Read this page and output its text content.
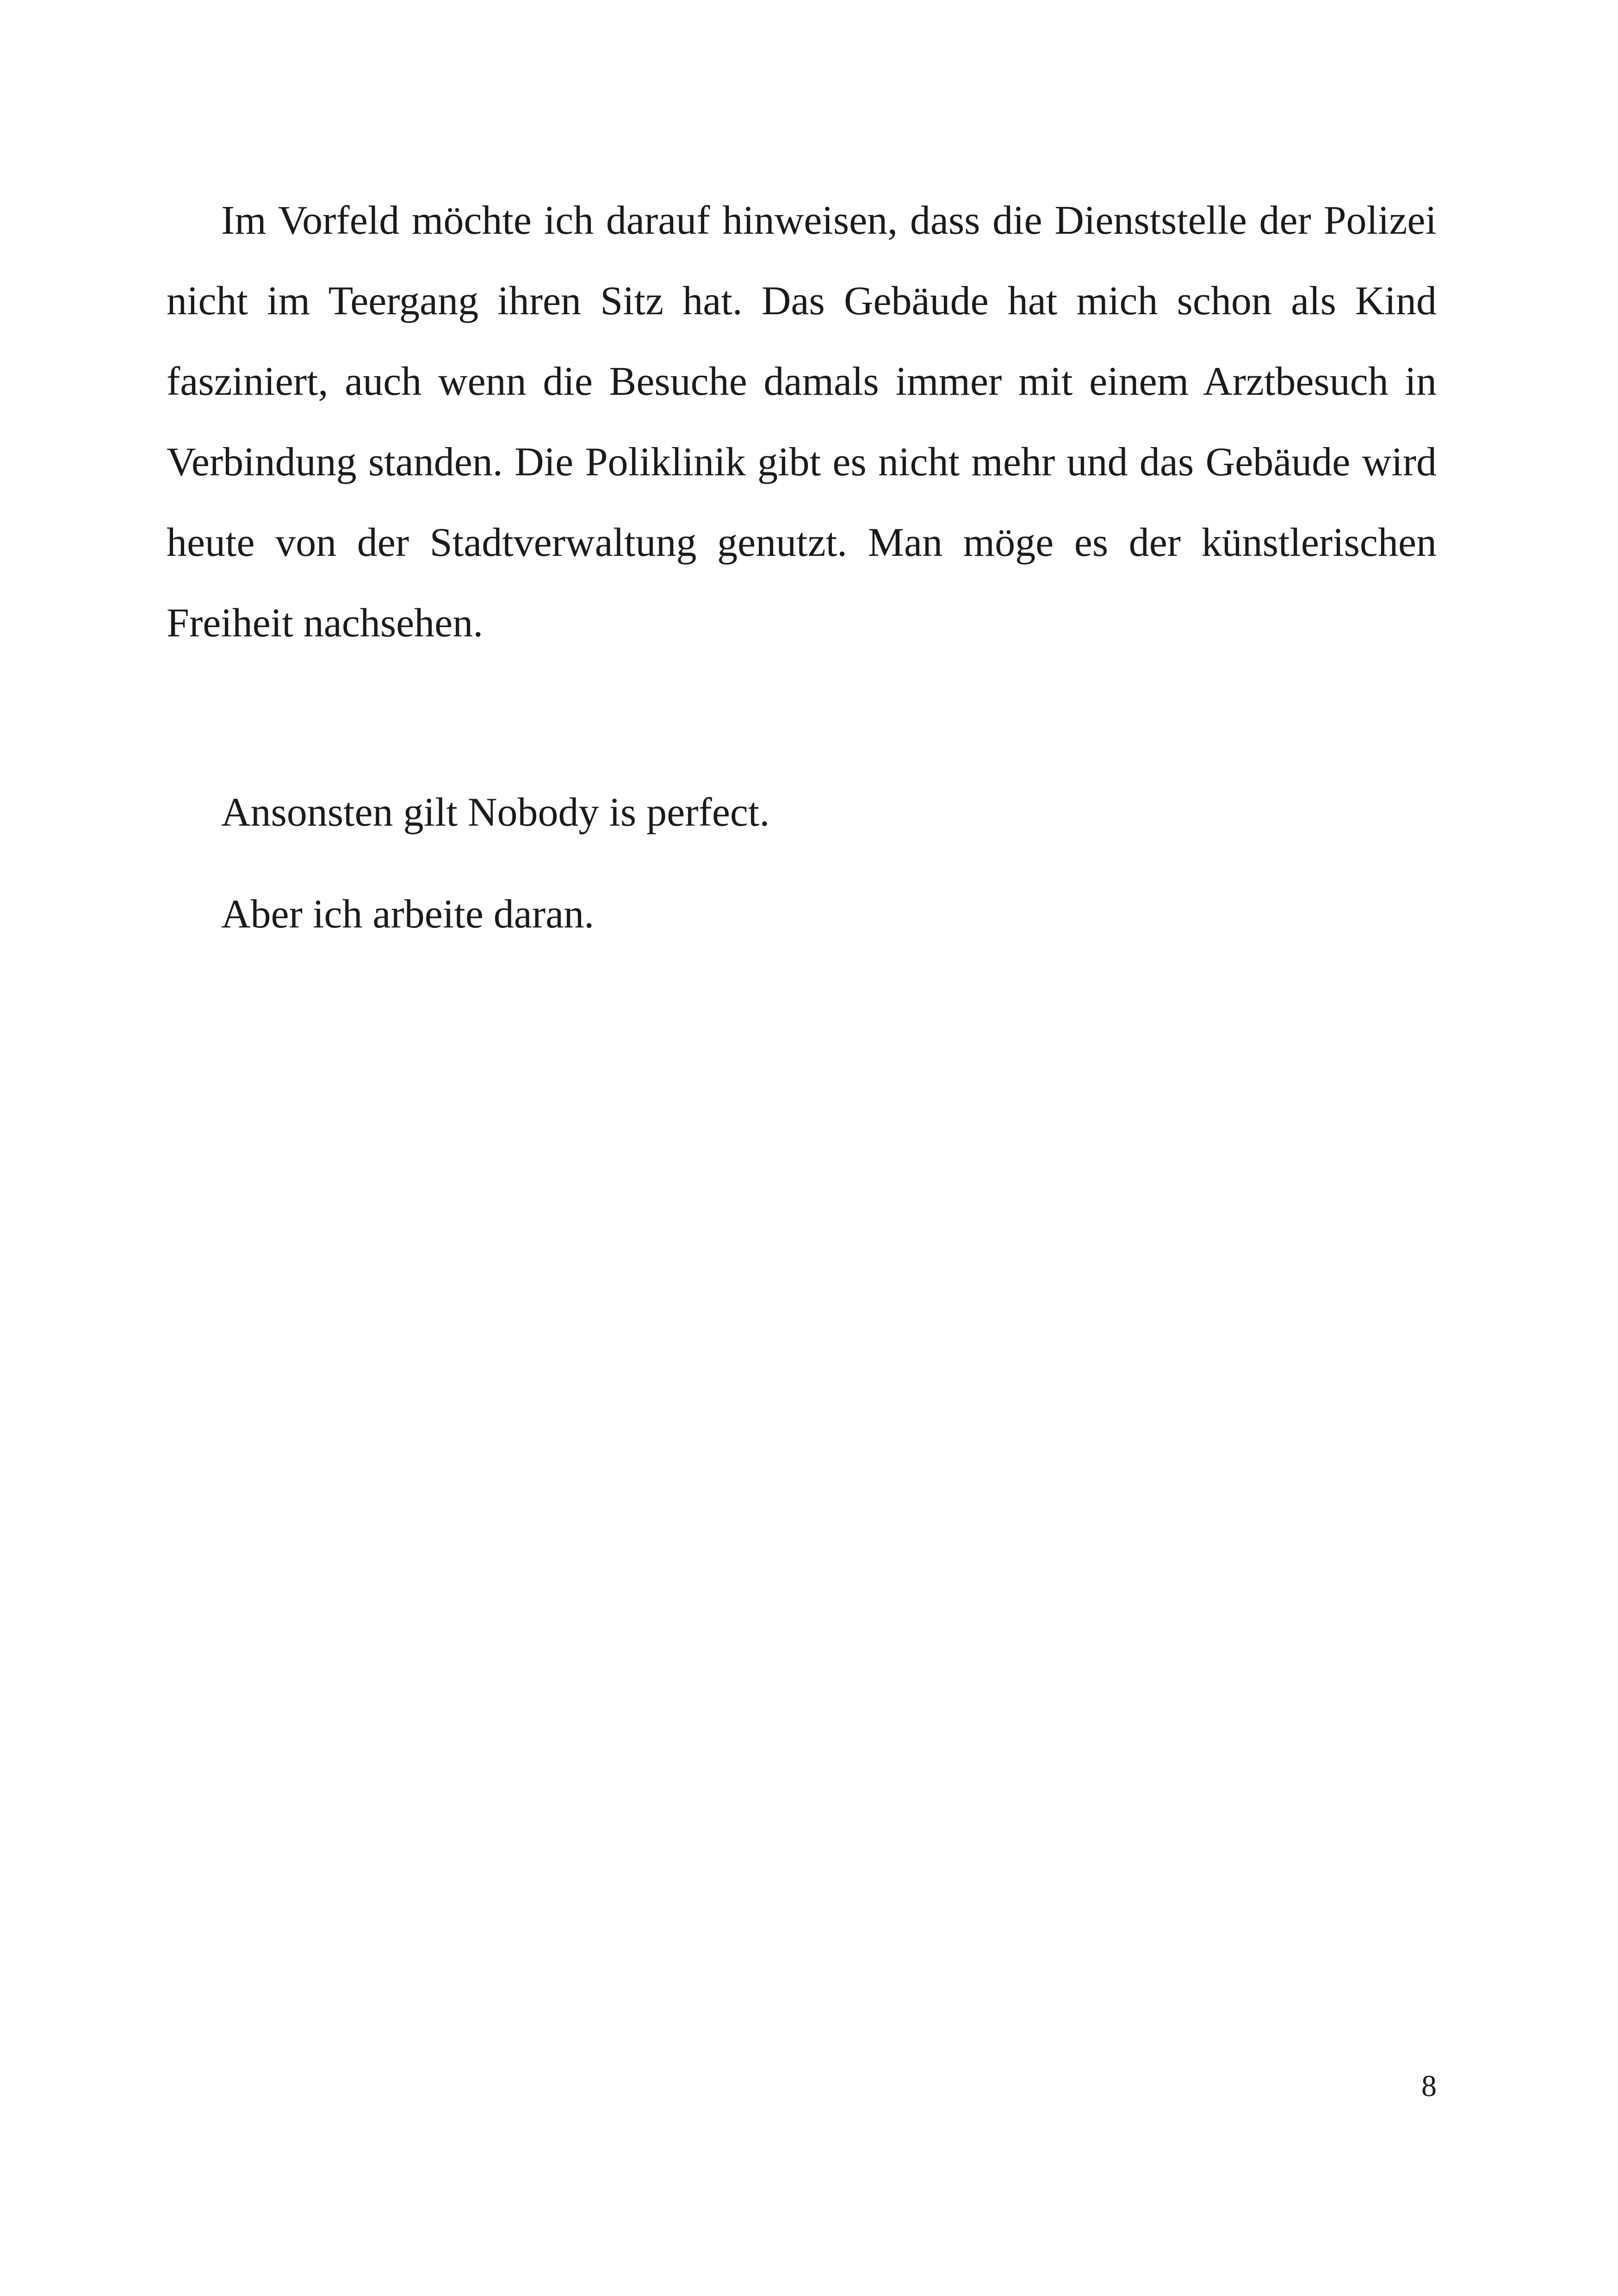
Im Vorfeld möchte ich darauf hinweisen, dass die Dienststelle der Polizei nicht im Teergang ihren Sitz hat. Das Gebäude hat mich schon als Kind fasziniert, auch wenn die Besuche damals immer mit einem Arztbesuch in Verbindung standen. Die Poliklinik gibt es nicht mehr und das Gebäude wird heute von der Stadtverwaltung genutzt. Man möge es der künstlerischen Freiheit nachsehen.

Ansonsten gilt Nobody is perfect.

Aber ich arbeite daran.

8
